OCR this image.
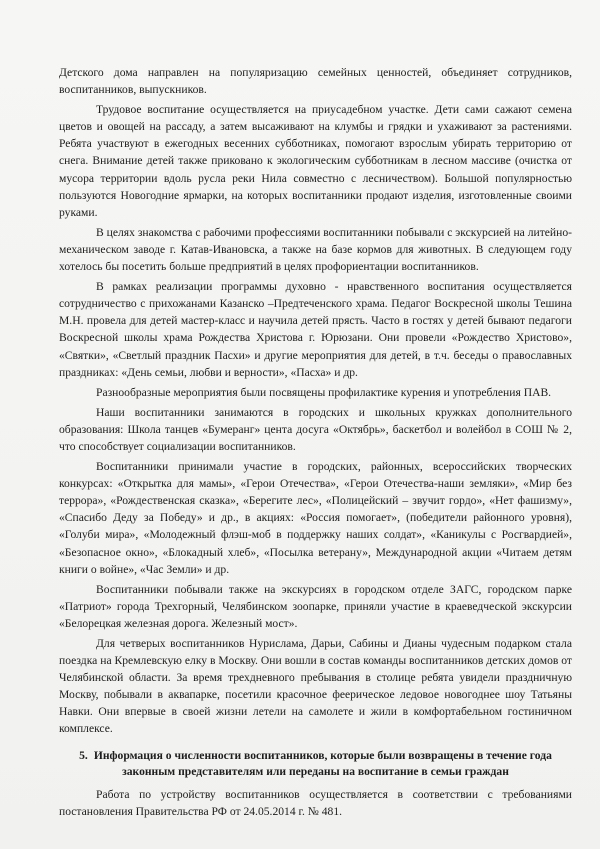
Детского дома направлен на популяризацию семейных ценностей, объединяет сотрудников, воспитанников, выпускников.

Трудовое воспитание осуществляется на приусадебном участке. Дети сами сажают семена цветов и овощей на рассаду, а затем высаживают на клумбы и грядки и ухаживают за растениями. Ребята участвуют в ежегодных весенних субботниках, помогают взрослым убирать территорию от снега. Внимание детей также приковано к экологическим субботникам в лесном массиве (очистка от мусора территории вдоль русла реки Нила совместно с лесничеством). Большой популярностью пользуются Новогодние ярмарки, на которых воспитанники продают изделия, изготовленные своими руками.

В целях знакомства с рабочими профессиями воспитанники побывали с экскурсией на литейно-механическом заводе г. Катав-Ивановска, а также на базе кормов для животных. В следующем году хотелось бы посетить больше предприятий в целях профориентации воспитанников.

В рамках реализации программы духовно - нравственного воспитания осуществляется сотрудничество с прихожанами Казанско –Предтеченского храма. Педагог Воскресной школы Тешина М.Н. провела для детей мастер-класс и научила детей прясть. Часто в гостях у детей бывают педагоги Воскресной школы храма Рождества Христова г. Юрюзани. Они провели «Рождество Христово», «Святки», «Светлый праздник Пасхи» и другие мероприятия для детей, в т.ч. беседы о православных праздниках: «День семьи, любви и верности», «Пасха» и др.

Разнообразные мероприятия были посвящены профилактике курения и употребления ПАВ.

Наши воспитанники занимаются в городских и школьных кружках дополнительного образования: Школа танцев «Бумеранг» цента досуга «Октябрь», баскетбол и волейбол в СОШ № 2, что способствует социализации воспитанников.

Воспитанники принимали участие в городских, районных, всероссийских творческих конкурсах: «Открытка для мамы», «Герои Отечества», «Герои Отечества-наши земляки», «Мир без террора», «Рождественская сказка», «Берегите лес», «Полицейский – звучит гордо», «Нет фашизму», «Спасибо Деду за Победу» и др., в акциях: «Россия помогает», (победители районного уровня), «Голуби мира», «Молодежный флэш-моб в поддержку наших солдат», «Каникулы с Росгвардией», «Безопасное окно», «Блокадный хлеб», «Посылка ветерану», Международной акции «Читаем детям книги о войне», «Час Земли» и др.

Воспитанники побывали также на экскурсиях в городском отделе ЗАГС, городском парке «Патриот» города Трехгорный, Челябинском зоопарке, приняли участие в краеведческой экскурсии «Белорецкая железная дорога. Железный мост».

Для четверых воспитанников Нурислама, Дарьи, Сабины и Дианы чудесным подарком стала поездка на Кремлевскую елку в Москву. Они вошли в состав команды воспитанников детских домов от Челябинской области. За время трехдневного пребывания в столице ребята увидели праздничную Москву, побывали в аквапарке, посетили красочное феерическое ледовое новогоднее шоу Татьяны Навки. Они впервые в своей жизни летели на самолете и жили в комфортабельном гостиничном комплексе.

5. Информация о численности воспитанников, которые были возвращены в течение года законным представителям или переданы на воспитание в семьи граждан

Работа по устройству воспитанников осуществляется в соответствии с требованиями постановления Правительства РФ от 24.05.2014 г. № 481.
